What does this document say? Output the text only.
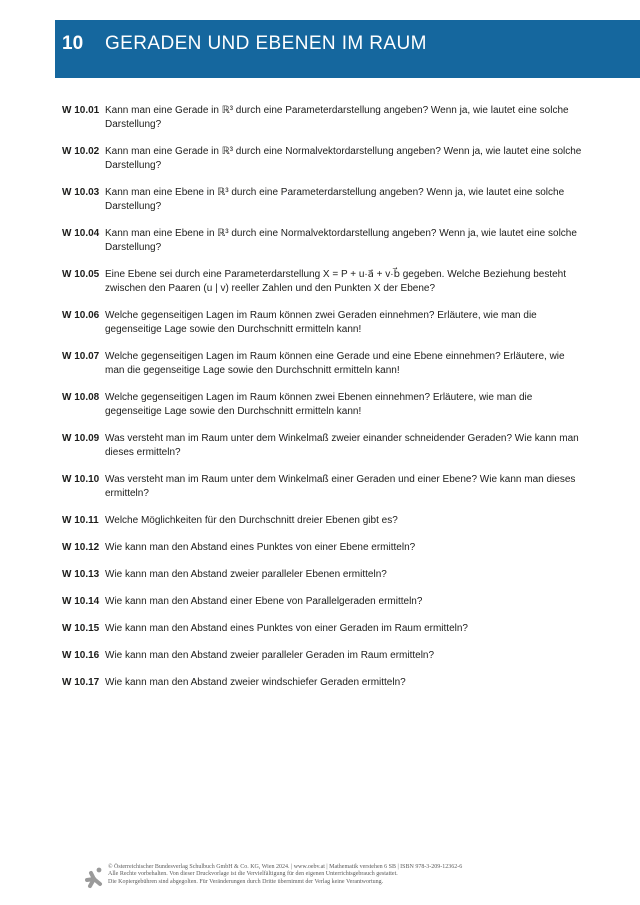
10	GERADEN UND EBENEN IM RAUM
W 10.01 Kann man eine Gerade in ℝ³ durch eine Parameterdarstellung angeben? Wenn ja, wie lautet eine solche Darstellung?
W 10.02 Kann man eine Gerade in ℝ³ durch eine Normalvektordarstellung angeben? Wenn ja, wie lautet eine solche Darstellung?
W 10.03 Kann man eine Ebene in ℝ³ durch eine Parameterdarstellung angeben? Wenn ja, wie lautet eine solche Darstellung?
W 10.04 Kann man eine Ebene in ℝ³ durch eine Normalvektordarstellung angeben? Wenn ja, wie lautet eine solche Darstellung?
W 10.05 Eine Ebene sei durch eine Parameterdarstellung X = P + u·a⃗ + v·b⃗ gegeben. Welche Beziehung besteht zwischen den Paaren (u | v) reeller Zahlen und den Punkten X der Ebene?
W 10.06 Welche gegenseitigen Lagen im Raum können zwei Geraden einnehmen? Erläutere, wie man die gegenseitige Lage sowie den Durchschnitt ermitteln kann!
W 10.07 Welche gegenseitigen Lagen im Raum können eine Gerade und eine Ebene einnehmen? Erläutere, wie man die gegenseitige Lage sowie den Durchschnitt ermitteln kann!
W 10.08 Welche gegenseitigen Lagen im Raum können zwei Ebenen einnehmen? Erläutere, wie man die gegenseitige Lage sowie den Durchschnitt ermitteln kann!
W 10.09 Was versteht man im Raum unter dem Winkelmaß zweier einander schneidender Geraden? Wie kann man dieses ermitteln?
W 10.10 Was versteht man im Raum unter dem Winkelmaß einer Geraden und einer Ebene? Wie kann man dieses ermitteln?
W 10.11 Welche Möglichkeiten für den Durchschnitt dreier Ebenen gibt es?
W 10.12 Wie kann man den Abstand eines Punktes von einer Ebene ermitteln?
W 10.13 Wie kann man den Abstand zweier paralleler Ebenen ermitteln?
W 10.14 Wie kann man den Abstand einer Ebene von Parallelgeraden ermitteln?
W 10.15 Wie kann man den Abstand eines Punktes von einer Geraden im Raum ermitteln?
W 10.16 Wie kann man den Abstand zweier paralleler Geraden im Raum ermitteln?
W 10.17 Wie kann man den Abstand zweier windschiefer Geraden ermitteln?
© Österreichischer Bundesverlag Schulbuch GmbH & Co. KG, Wien 2024. | www.oebv.at | Mathematik verstehen 6 SB | ISBN 978-3-209-12362-6
Alle Rechte vorbehalten. Von dieser Druckvorlage ist die Vervielfältigung für den eigenen Unterrichtsgebrauch gestattet.
Die Kopiergebühren sind abgegolten. Für Veränderungen durch Dritte übernimmt der Verlag keine Verantwortung.
